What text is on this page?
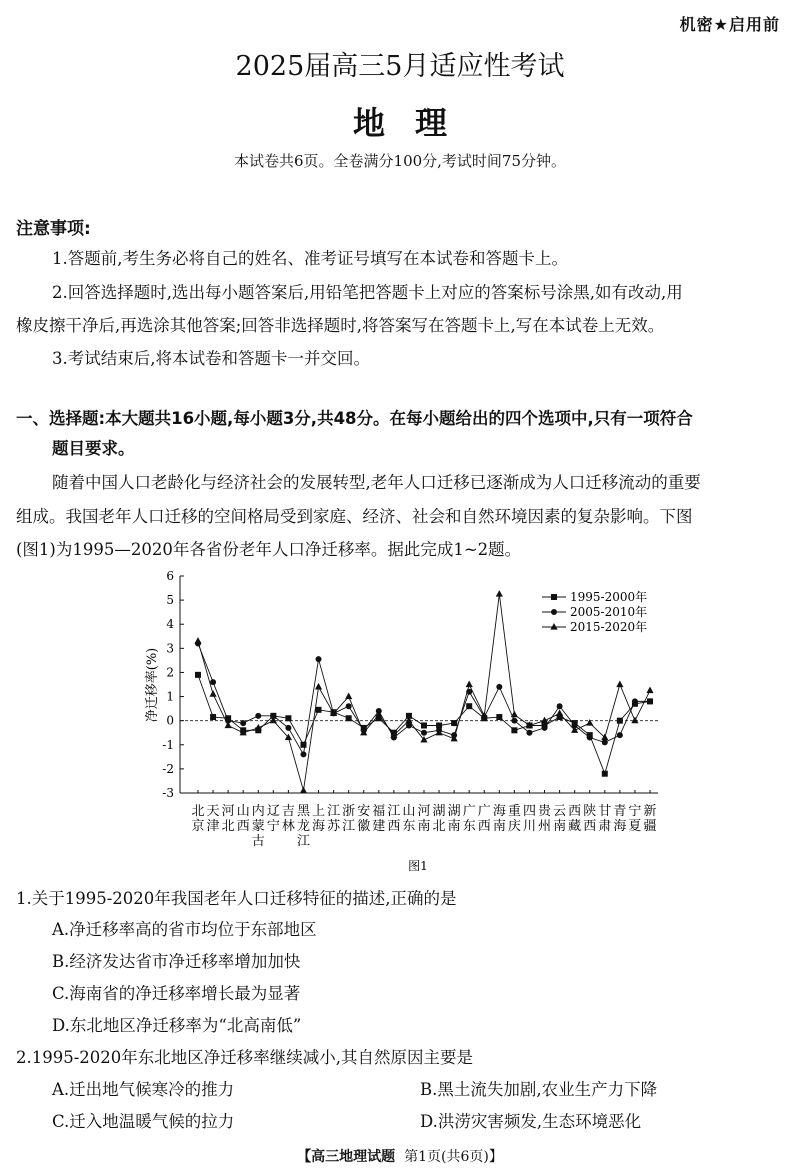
机密★启用前
2025届高三5月适应性考试
地理
本试卷共6页。全卷满分100分,考试时间75分钟。
注意事项:
1.答题前,考生务必将自己的姓名、准考证号填写在本试卷和答题卡上。
2.回答选择题时,选出每小题答案后,用铅笔把答题卡上对应的答案标号涂黑,如有改动,用
橡皮擦干净后,再选涂其他答案;回答非选择题时,将答案写在答题卡上,写在本试卷上无效。
3.考试结束后,将本试卷和答题卡一并交回。
一、选择题:本大题共16小题,每小题3分,共48分。在每小题给出的四个选项中,只有一项符合
题目要求。
随着中国人口老龄化与经济社会的发展转型,老年人口迁移已逐渐成为人口迁移流动的重要
组成。我国老年人口迁移的空间格局受到家庭、经济、社会和自然环境因素的复杂影响。下图
(图1)为1995—2020年各省份老年人口净迁移率。据此完成1~2题。
6
5
4
3
2
1
0
-1
-2
-3
净迁移率(%)
北京
天津
河北
山西
内蒙古
辽宁
吉林
黑龙江
上海
江苏
浙江
安徽
福建
江西
山东
河南
湖北
湖南
广东
广西
海南
重庆
四川
贵州
云南
西藏
陕西
甘肃
青海
宁夏
新疆
图1
1995-2000年
2005-2010年
2015-2020年
1.关于1995-2020年我国老年人口迁移特征的描述,正确的是
A.净迁移率高的省市均位于东部地区
B.经济发达省市净迁移率增加加快
C.海南省的净迁移率增长最为显著
D.东北地区净迁移率为“北高南低”
2.1995-2020年东北地区净迁移率继续减小,其自然原因主要是
A.迁出地气候寒冷的推力	B.黑土流失加剧,农业生产力下降
C.迁入地温暖气候的拉力	D.洪涝灾害频发,生态环境恶化
【高三地理试题 第1页(共6页)】
